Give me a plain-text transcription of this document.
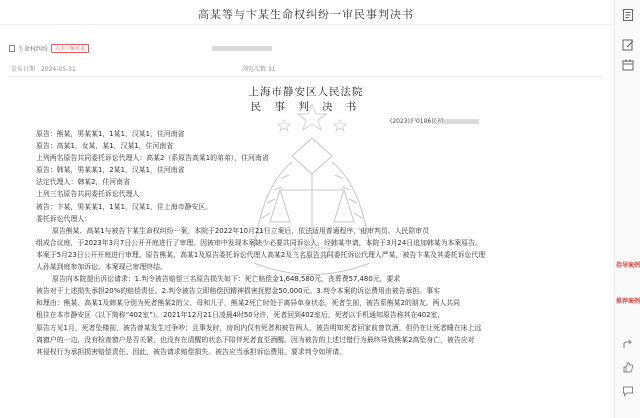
高某等与卞某生命权纠纷一审民事判决书
生命权纠纷	点击了解更多
发布日期 2024-05-31	浏览次数 31
上海市静安区人民法院
民 事 判 决 书
(2023)沪0106民初

原告：熊某，男某某1，1某1，汉某1，住河南省

原告：高某1，女某，某1，汉某1，住河南省

上列两名原告共同委托诉讼代理人：高某2（系原告高某1的弟弟），住河南省

原告：韩某，男某某1，2某1，汉某1，住河南省

法定代理人：韩某2，住河南省

上列三名原告共同委托诉讼代理人：

被告：卞某，男某某1，1某1，汉某1，住上海市静安区。

委托诉讼代理人：

原告熊某、高某1与被告卞某生命权纠纷一案，本院于2022年10月21日立案后，依法适用普通程序，由审判员、人民陪审员

组成合议庭，于2023年3月7日公开开庭进行了审理。因被审中发现本案缺少必要共同诉讼人，经韩某申请，本院于3月24日追加韩某为本案原告。

本案于5月23日公开开庭进行审理。原告熊某、高某1及原告委托诉讼代理人高某2及三名原告共同委托诉讼代理人严某，被告卞某及其委托诉讼代理

人孙某到庭参加诉讼。本案现已审理终结。

原告向本院提出诉讼请求：1.判令被告赔偿三名原告损失如下：死亡赔偿金1,648,580元，丧葬费57,480元，要求

被告对于上述损失承担20%的赔偿责任。2.判令被告立即赔偿因精神损害抚慰金50,000元。3.判令本案的诉讼费用由被告承担。事实

和理由：熊某、高某1及韩某分别为死者熊某2的父、母和儿子，熊某2死亡时处于离异单身状态，死者生前，被告系熊某2的朋友。两人共同

租住在本市静安区（以下简称“402室”）。2021年12月21日凌晨4时50分许，死者回到402室后，死者以手机通知原告称其在402室，

原告方见1月，死者坠楼前，被告曾某发生过争吵；且事发时，房间内仅有死者和被告两人，被告明知死者回家前曾饮酒，但仍在让死者睡在床上远

离窗户的一边，没有检查窗户是否关紧，也没有在清醒的状态下陪伴死者直至酒醒。因为被告的上述过错行为最终导致熊某2高坠身亡，被告应对

其侵权行为承担损害赔偿责任。因此，被告请求赔偿损失。被告应当承担诉讼费用。要求判令如所请。

指导案例
推荐案例
